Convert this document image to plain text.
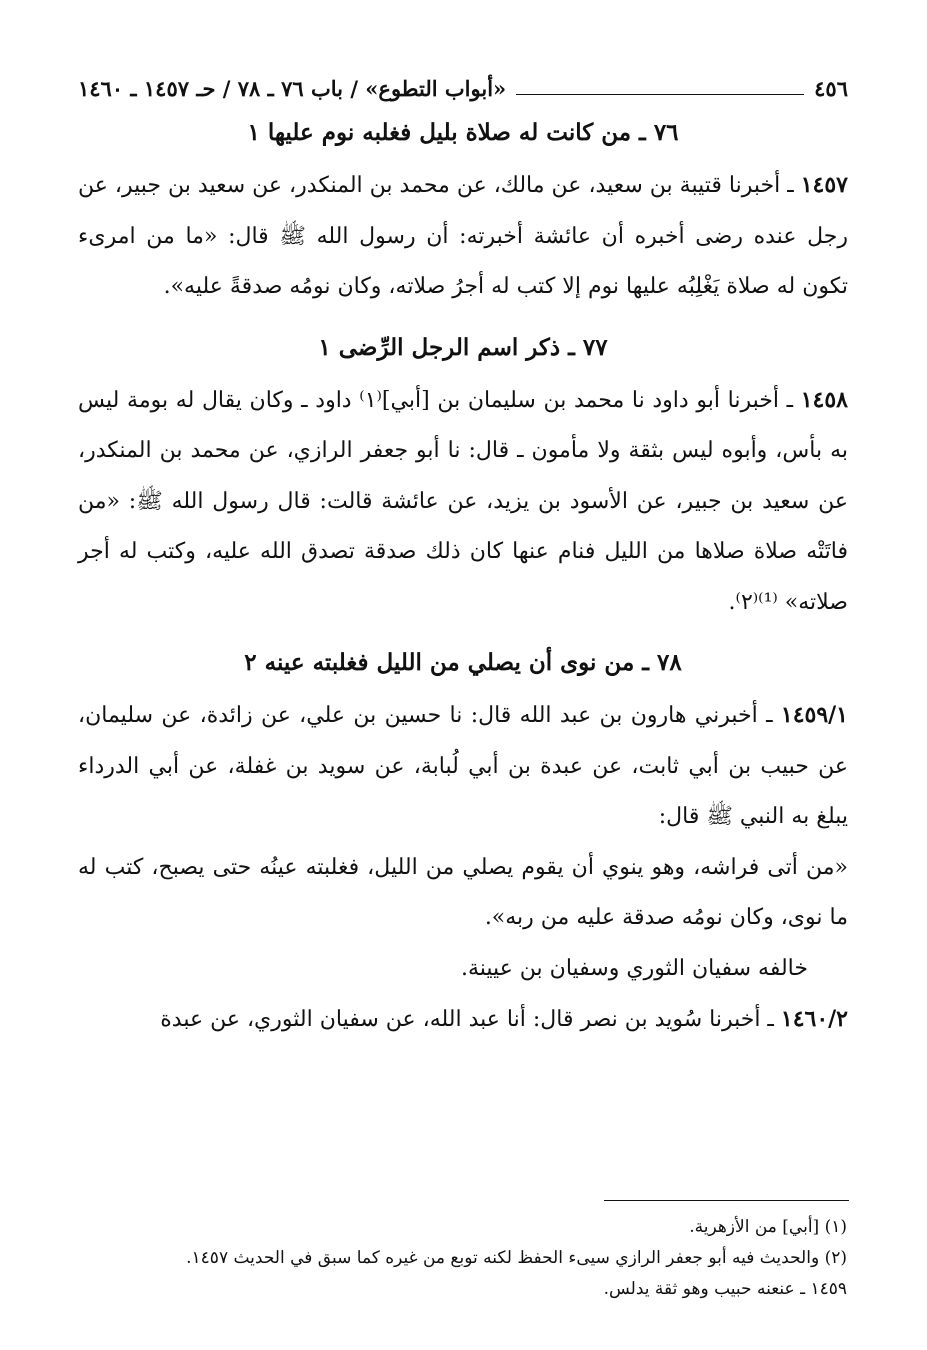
٤٥٦
«أبواب التطوع» / باب ٧٦ ـ ٧٨ / حـ ١٤٥٧ ـ ١٤٦٠
٧٦ ـ من كانت له صلاة بليل فغلبه نوم عليها ١

١٤٥٧ ـ أخبرنا قتيبة بن سعيد، عن مالك، عن محمد بن المنكدر، عن سعيد بن جبير، عن رجل عنده رضى أخبره أن عائشة أخبرته: أن رسول الله ﷺ قال: «ما من امرىء تكون له صلاة يَغْلِبُه عليها نوم إلا كتب له أجرُ صلاته، وكان نومُه صدقةً عليه».

٧٧ ـ ذكر اسم الرجل الرِّضى ١

١٤٥٨ ـ أخبرنا أبو داود نا محمد بن سليمان بن [أبي]⁽١⁾ داود ـ وكان يقال له بومة ليس به بأس، وأبوه ليس بثقة ولا مأمون ـ قال: نا أبو جعفر الرازي، عن محمد بن المنكدر، عن سعيد بن جبير، عن الأسود بن يزيد، عن عائشة قالت: قال رسول الله ﷺ: «من فاتَتْه صلاة صلاها من الليل فنام عنها كان ذلك صدقة تصدق الله عليه، وكتب له أجر صلاته» ⁽¹⁾⁽٢⁾.

٧٨ ـ من نوى أن يصلي من الليل فغلبته عينه ٢

١٤٥٩/١ ـ أخبرني هارون بن عبد الله قال: نا حسين بن علي، عن زائدة، عن سليمان، عن حبيب بن أبي ثابت، عن عبدة بن أبي لُبابة، عن سويد بن غفلة، عن أبي الدرداء يبلغ به النبي ﷺ قال:

«من أتى فراشه، وهو ينوي أن يقوم يصلي من الليل، فغلبته عينُه حتى يصبح، كتب له ما نوى، وكان نومُه صدقة عليه من ربه».

خالفه سفيان الثوري وسفيان بن عيينة.

١٤٦٠/٢ ـ أخبرنا سُويد بن نصر قال: أنا عبد الله، عن سفيان الثوري، عن عبدة

(١) [أبي] من الأزهرية.
(٢) والحديث فيه أبو جعفر الرازي سيىء الحفظ لكنه توبع من غيره كما سبق في الحديث ١٤٥٧.
١٤٥٩ ـ عنعنه حبيب وهو ثقة يدلس.
